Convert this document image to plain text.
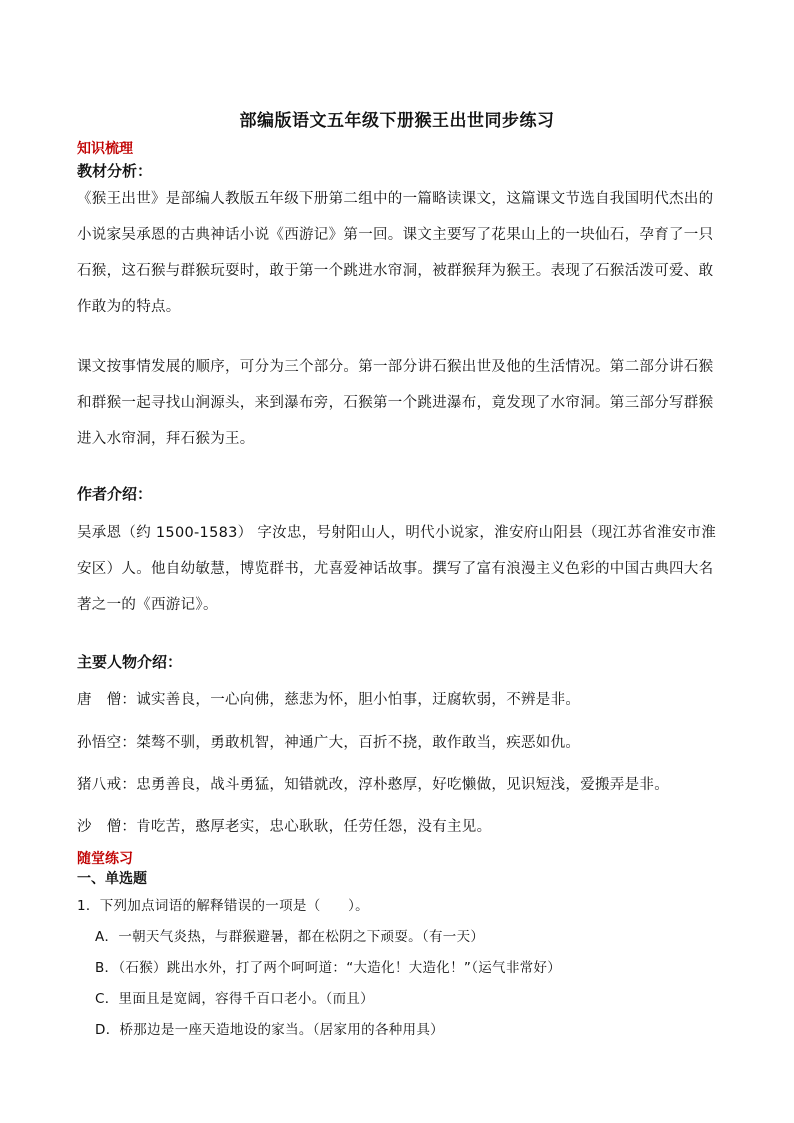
部编版语文五年级下册猴王出世同步练习
知识梳理
教材分析：
《猴王出世》是部编人教版五年级下册第二组中的一篇略读课文，这篇课文节选自我国明代杰出的小说家吴承恩的古典神话小说《西游记》第一回。课文主要写了花果山上的一块仙石，孕育了一只石猴，这石猴与群猴玩耍时，敢于第一个跳进水帘洞，被群猴拜为猴王。表现了石猴活泼可爱、敢作敢为的特点。
课文按事情发展的顺序，可分为三个部分。第一部分讲石猴出世及他的生活情况。第二部分讲石猴和群猴一起寻找山涧源头，来到瀑布旁，石猴第一个跳进瀑布，竟发现了水帘洞。第三部分写群猴进入水帘洞，拜石猴为王。
作者介绍：
吴承恩（约 1500-1583） 字汝忠，号射阳山人，明代小说家，淮安府山阳县（现江苏省淮安市淮安区）人。他自幼敏慧，博览群书，尤喜爱神话故事。撰写了富有浪漫主义色彩的中国古典四大名著之一的《西游记》。
主要人物介绍：
唐　僧：诚实善良，一心向佛，慈悲为怀，胆小怕事，迂腐软弱，不辨是非。
孙悟空：桀骜不驯，勇敢机智，神通广大，百折不挠，敢作敢当，疾恶如仇。
猪八戒：忠勇善良，战斗勇猛，知错就改，淳朴憨厚，好吃懒做，见识短浅，爱搬弄是非。
沙　僧：肯吃苦，憨厚老实，忠心耿耿，任劳任怨，没有主见。
随堂练习
一、单选题
1．下列加点词语的解释错误的一项是（　　）。
A．一朝天气炎热，与群猴避暑，都在松阴之下顽耍。（有一天）
B．（石猴）跳出水外，打了两个呵呵道：“大造化！大造化！”（运气非常好）
C．里面且是宽阔，容得千百口老小。（而且）
D．桥那边是一座天造地设的家当。（居家用的各种用具）
